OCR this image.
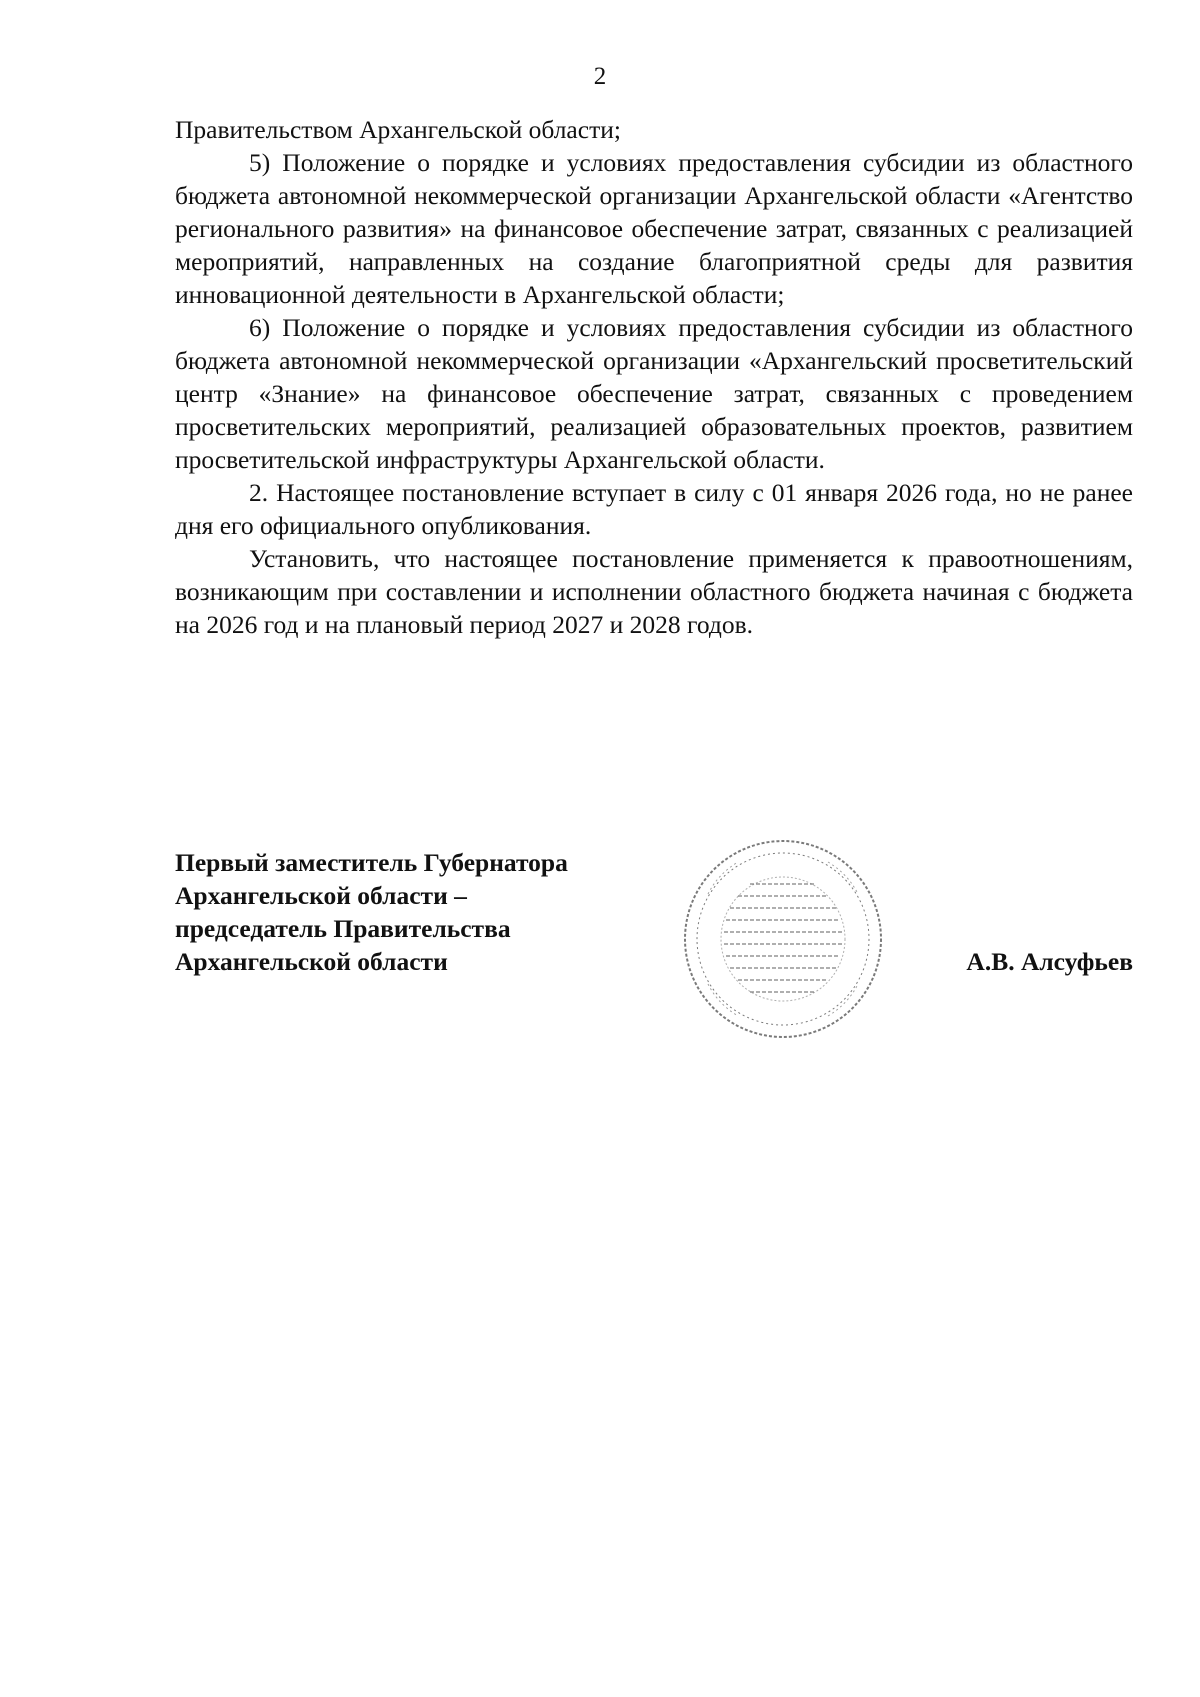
2

Правительством Архангельской области;

5) Положение о порядке и условиях предоставления субсидии из областного бюджета автономной некоммерческой организации Архангельской области «Агентство регионального развития» на финансовое обеспечение затрат, связанных с реализацией мероприятий, направленных на создание благоприятной среды для развития инновационной деятельности в Архангельской области;

6) Положение о порядке и условиях предоставления субсидии из областного бюджета автономной некоммерческой организации «Архангельский просветительский центр «Знание» на финансовое обеспечение затрат, связанных с проведением просветительских мероприятий, реализацией образовательных проектов, развитием просветительской инфраструктуры Архангельской области.

2. Настоящее постановление вступает в силу с 01 января 2026 года, но не ранее дня его официального опубликования.

Установить, что настоящее постановление применяется к правоотношениям, возникающим при составлении и исполнении областного бюджета начиная с бюджета на 2026 год и на плановый период 2027 и 2028 годов.

Первый заместитель Губернатора
Архангельской области –
председатель Правительства
Архангельской области	А.В. Алсуфьев
